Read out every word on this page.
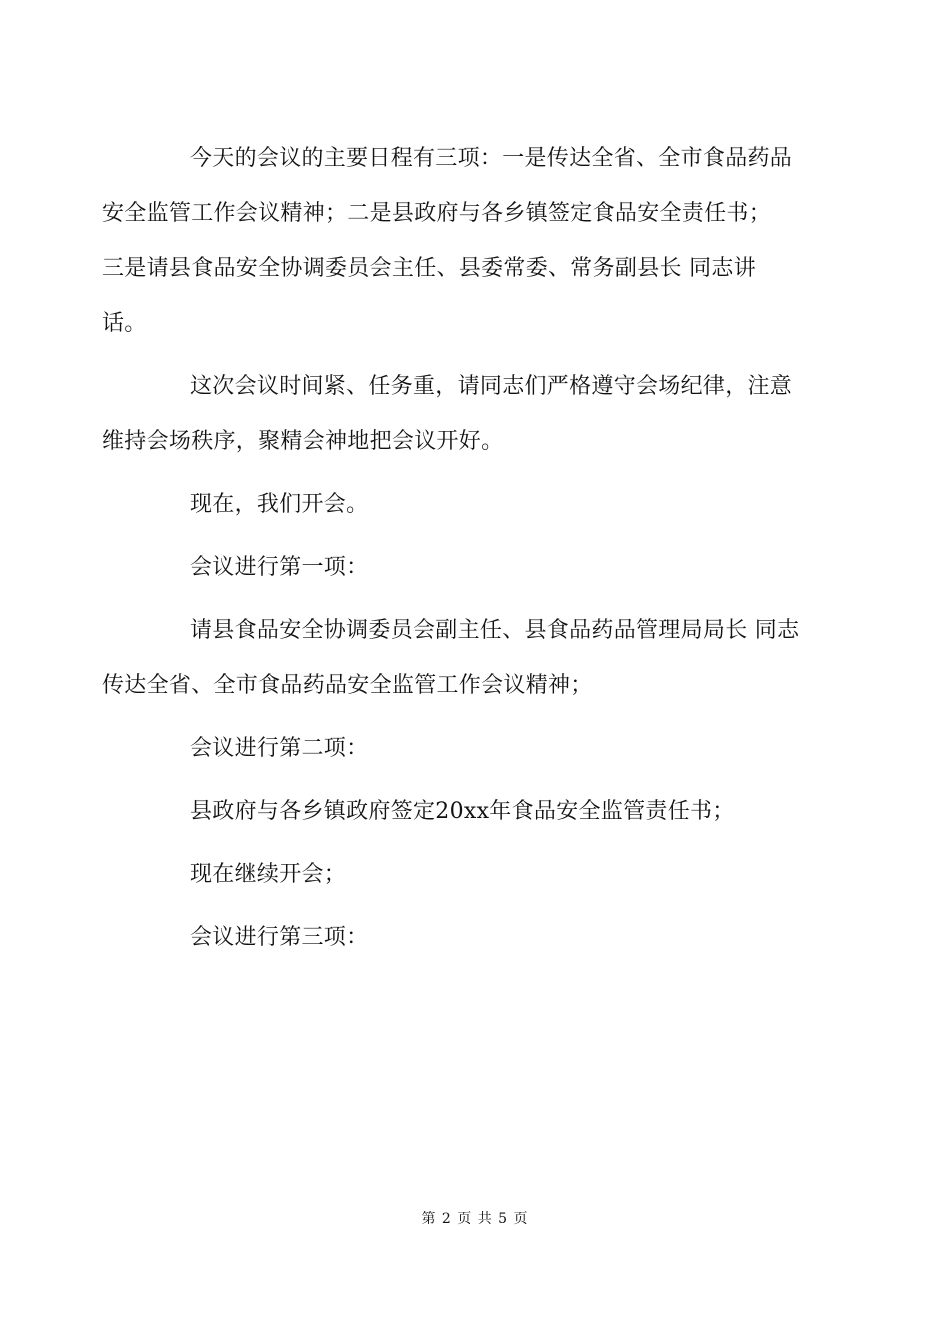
今天的会议的主要日程有三项：一是传达全省、全市食品药品
安全监管工作会议精神；二是县政府与各乡镇签定食品安全责任书；
三是请县食品安全协调委员会主任、县委常委、常务副县长 同志讲
话。

这次会议时间紧、任务重，请同志们严格遵守会场纪律，注意
维持会场秩序，聚精会神地把会议开好。

现在，我们开会。

会议进行第一项：

请县食品安全协调委员会副主任、县食品药品管理局局长 同志
传达全省、全市食品药品安全监管工作会议精神；

会议进行第二项：

县政府与各乡镇政府签定20xx年食品安全监管责任书；

现在继续开会；

会议进行第三项：

第 2 页 共 5 页
